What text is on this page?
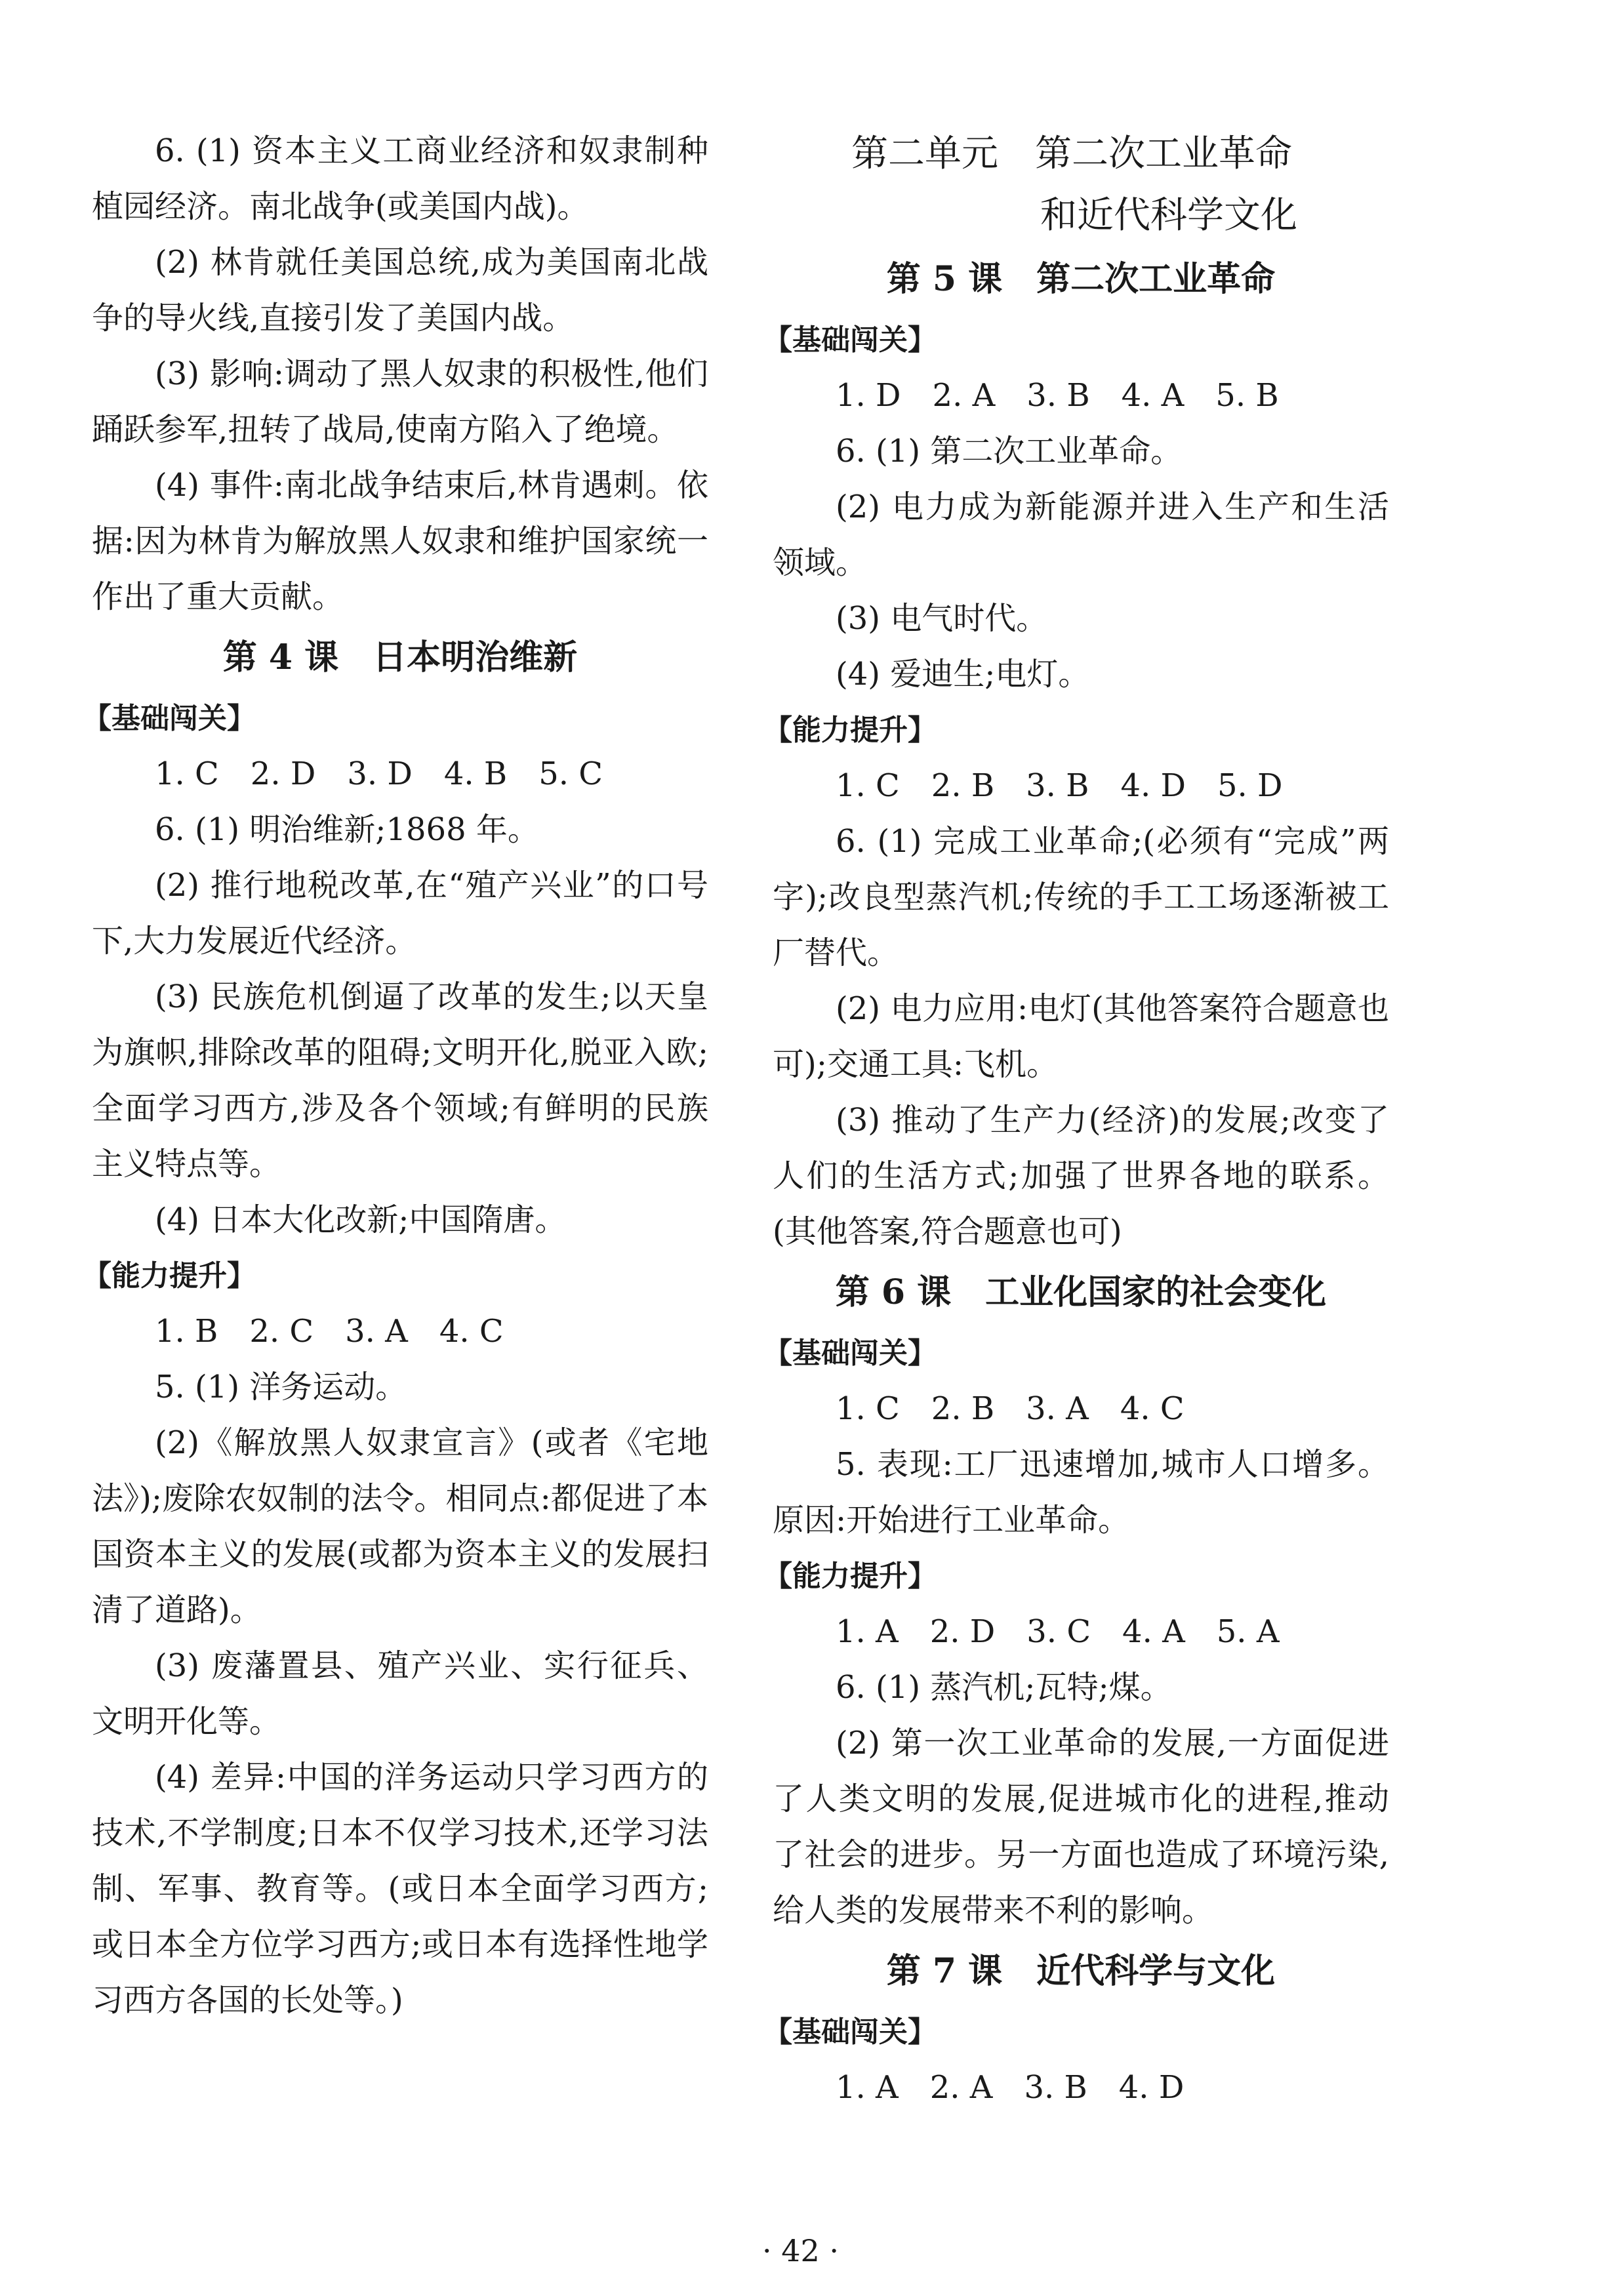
6. (1) 资本主义工商业经济和奴隶制种植园经济。南北战争(或美国内战)。

(2) 林肯就任美国总统,成为美国南北战争的导火线,直接引发了美国内战。

(3) 影响:调动了黑人奴隶的积极性,他们踊跃参军,扭转了战局,使南方陷入了绝境。

(4) 事件:南北战争结束后,林肯遇刺。依据:因为林肯为解放黑人奴隶和维护国家统一作出了重大贡献。

第 4 课　日本明治维新

【基础闯关】

1. C　2. D　3. D　4. B　5. C

6. (1) 明治维新;1868 年。

(2) 推行地税改革,在“殖产兴业”的口号下,大力发展近代经济。

(3) 民族危机倒逼了改革的发生;以天皇为旗帜,排除改革的阻碍;文明开化,脱亚入欧;全面学习西方,涉及各个领域;有鲜明的民族主义特点等。

(4) 日本大化改新;中国隋唐。

【能力提升】

1. B　2. C　3. A　4. C

5. (1) 洋务运动。

(2)《解放黑人奴隶宣言》(或者《宅地法》);废除农奴制的法令。相同点:都促进了本国资本主义的发展(或都为资本主义的发展扫清了道路)。

(3) 废藩置县、殖产兴业、实行征兵、文明开化等。

(4) 差异:中国的洋务运动只学习西方的技术,不学制度;日本不仅学习技术,还学习法制、军事、教育等。(或日本全面学习西方;或日本全方位学习西方;或日本有选择性地学习西方各国的长处等。)

第二单元　第二次工业革命

和近代科学文化

第 5 课　第二次工业革命

【基础闯关】

1. D　2. A　3. B　4. A　5. B

6. (1) 第二次工业革命。

(2) 电力成为新能源并进入生产和生活领域。

(3) 电气时代。

(4) 爱迪生;电灯。

【能力提升】

1. C　2. B　3. B　4. D　5. D

6. (1) 完成工业革命;(必须有“完成”两字);改良型蒸汽机;传统的手工工场逐渐被工厂替代。

(2) 电力应用:电灯(其他答案符合题意也可);交通工具:飞机。

(3) 推动了生产力(经济)的发展;改变了人们的生活方式;加强了世界各地的联系。(其他答案,符合题意也可)

第 6 课　工业化国家的社会变化

【基础闯关】

1. C　2. B　3. A　4. C

5. 表现:工厂迅速增加,城市人口增多。原因:开始进行工业革命。

【能力提升】

1. A　2. D　3. C　4. A　5. A

6. (1) 蒸汽机;瓦特;煤。

(2) 第一次工业革命的发展,一方面促进了人类文明的发展,促进城市化的进程,推动了社会的进步。另一方面也造成了环境污染,给人类的发展带来不利的影响。

第 7 课　近代科学与文化

【基础闯关】

1. A　2. A　3. B　4. D

· 42 ·
